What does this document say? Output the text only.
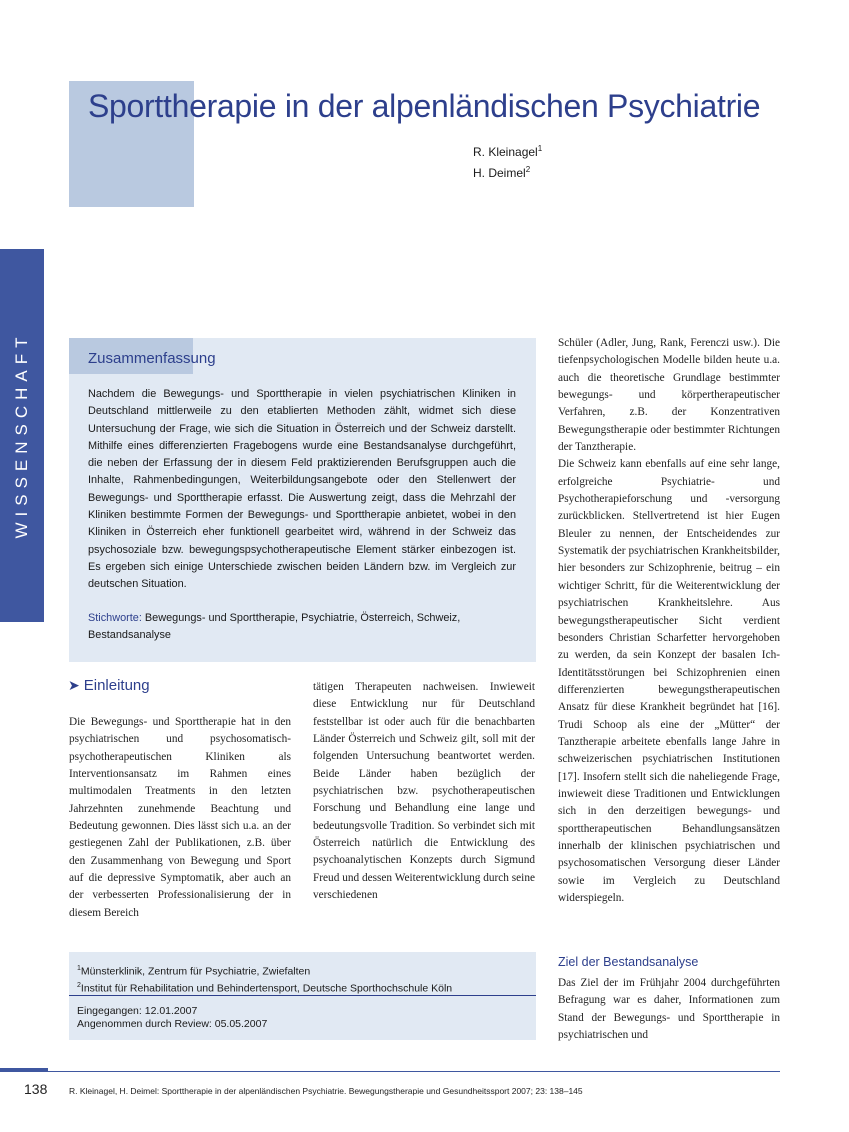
Sporttherapie in der alpenländischen Psychiatrie
R. Kleinagel$^1$
H. Deimel$^2$
WISSENSCHAFT	Zusammenfassung
Nachdem die Bewegungs- und Sporttherapie in vielen psychiatrischen Kliniken in Deutschland mittlerweile zu den etablierten Methoden zählt, widmet sich diese Untersuchung der Frage, wie sich die Situation in Österreich und der Schweiz darstellt. Mithilfe eines differenzierten Fragebogens wurde eine Bestandsanalyse durchgeführt, die neben der Erfassung der in diesem Feld praktizierenden Berufsgruppen auch die Inhalte, Rahmenbedingungen, Weiterbildungsangebote oder den Stellenwert der Bewegungs- und Sporttherapie erfasst. Die Auswertung zeigt, dass die Mehrzahl der Kliniken bestimmte Formen der Bewegungs- und Sporttherapie anbietet, wobei in den Kliniken in Österreich eher funktionell gearbeitet wird, während in der Schweiz das psychosoziale bzw. bewegungspsychotherapeutische Element stärker einbezogen ist. Es ergeben sich einige Unterschiede zwischen beiden Ländern bzw. im Vergleich zur deutschen Situation.
Stichworte: Bewegungs- und Sporttherapie, Psychiatrie, Österreich, Schweiz, Bestandsanalyse
➤ Einleitung
Die Bewegungs- und Sporttherapie hat in den psychiatrischen und psychosomatisch-psychotherapeutischen Kliniken als Interventionsansatz im Rahmen eines multimodalen Treatments in den letzten Jahrzehnten zunehmende Beachtung und Bedeutung gewonnen. Dies lässt sich u.a. an der gestiegenen Zahl der Publikationen, z.B. über den Zusammenhang von Bewegung und Sport auf die depressive Symptomatik, aber auch an der verbesserten Professionalisierung der in diesem Bereich
tätigen Therapeuten nachweisen. Inwieweit diese Entwicklung nur für Deutschland feststellbar ist oder auch für die benachbarten Länder Österreich und Schweiz gilt, soll mit der folgenden Untersuchung beantwortet werden. Beide Länder haben bezüglich der psychiatrischen bzw. psychotherapeutischen Forschung und Behandlung eine lange und bedeutungsvolle Tradition. So verbindet sich mit Österreich natürlich die Entwicklung des psychoanalytischen Konzepts durch Sigmund Freud und dessen Weiterentwicklung durch seine verschiedenen
Schüler (Adler, Jung, Rank, Ferenczi usw.). Die tiefenpsychologischen Modelle bilden heute u.a. auch die theoretische Grundlage bestimmter bewegungs- und körpertherapeutischer Verfahren, z.B. der Konzentrativen Bewegungstherapie oder bestimmter Richtungen der Tanztherapie.
Die Schweiz kann ebenfalls auf eine sehr lange, erfolgreiche Psychiatrie- und Psychotherapieforschung und -versorgung zurückblicken. Stellvertretend ist hier Eugen Bleuler zu nennen, der Entscheidendes zur Systematik der psychiatrischen Krankheitsbilder, hier besonders zur Schizophrenie, beitrug – ein wichtiger Schritt, für die Weiterentwicklung der psychiatrischen Krankheitslehre. Aus bewegungstherapeutischer Sicht verdient besonders Christian Scharfetter hervorgehoben zu werden, da sein Konzept der basalen Ich-Identitätsstörungen bei Schizophrenien einen differenzierten bewegungstherapeutischen Ansatz für diese Krankheit begründet hat [16]. Trudi Schoop als eine der „Mütter“ der Tanztherapie arbeitete ebenfalls lange Jahre in schweizerischen psychiatrischen Institutionen [17]. Insofern stellt sich die naheliegende Frage, inwieweit diese Traditionen und Entwicklungen sich in den derzeitigen bewegungs- und sporttherapeutischen Behandlungsansätzen innerhalb der klinischen psychiatrischen und psychosomatischen Versorgung dieser Länder sowie im Vergleich zu Deutschland widerspiegeln.
Ziel der Bestandsanalyse
Das Ziel der im Frühjahr 2004 durchgeführten Befragung war es daher, Informationen zum Stand der Bewegungs- und Sporttherapie in psychiatrischen und
$^1$Münsterklinik, Zentrum für Psychiatrie, Zwiefalten
$^2$Institut für Rehabilitation und Behindertensport, Deutsche Sporthochschule Köln
Eingegangen: 12.01.2007
Angenommen durch Review: 05.05.2007
138	R. Kleinagel, H. Deimel: Sporttherapie in der alpenländischen Psychiatrie. Bewegungstherapie und Gesundheitssport 2007; 23: 138–145
